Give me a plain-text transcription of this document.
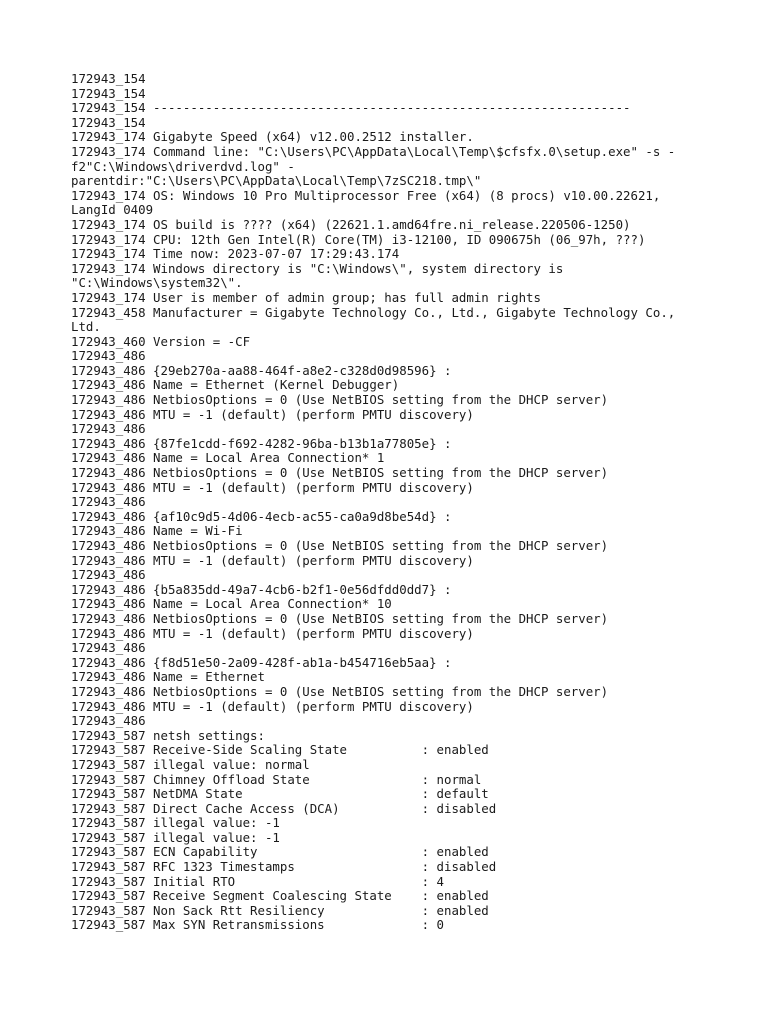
172943_154
172943_154
172943_154 ----------------------------------------------------------------
172943_154
172943_174 Gigabyte Speed (x64) v12.00.2512 installer.
172943_174 Command line: "C:\Users\PC\AppData\Local\Temp\$cfsfx.0\setup.exe" -s -f2"C:\Windows\driverdvd.log" -parentdir:"C:\Users\PC\AppData\Local\Temp\7zSC218.tmp\"
172943_174 OS: Windows 10 Pro Multiprocessor Free (x64) (8 procs) v10.00.22621, LangId 0409
172943_174 OS build is ???? (x64) (22621.1.amd64fre.ni_release.220506-1250)
172943_174 CPU: 12th Gen Intel(R) Core(TM) i3-12100, ID 090675h (06_97h, ???)
172943_174 Time now: 2023-07-07 17:29:43.174
172943_174 Windows directory is "C:\Windows\", system directory is "C:\Windows\system32\".
172943_174 User is member of admin group; has full admin rights
172943_458 Manufacturer = Gigabyte Technology Co., Ltd., Gigabyte Technology Co., Ltd.
172943_460 Version = -CF
172943_486
172943_486 {29eb270a-aa88-464f-a8e2-c328d0d98596} :
172943_486 Name = Ethernet (Kernel Debugger)
172943_486 NetbiosOptions = 0 (Use NetBIOS setting from the DHCP server)
172943_486 MTU = -1 (default) (perform PMTU discovery)
172943_486
172943_486 {87fe1cdd-f692-4282-96ba-b13b1a77805e} :
172943_486 Name = Local Area Connection* 1
172943_486 NetbiosOptions = 0 (Use NetBIOS setting from the DHCP server)
172943_486 MTU = -1 (default) (perform PMTU discovery)
172943_486
172943_486 {af10c9d5-4d06-4ecb-ac55-ca0a9d8be54d} :
172943_486 Name = Wi-Fi
172943_486 NetbiosOptions = 0 (Use NetBIOS setting from the DHCP server)
172943_486 MTU = -1 (default) (perform PMTU discovery)
172943_486
172943_486 {b5a835dd-49a7-4cb6-b2f1-0e56dfdd0dd7} :
172943_486 Name = Local Area Connection* 10
172943_486 NetbiosOptions = 0 (Use NetBIOS setting from the DHCP server)
172943_486 MTU = -1 (default) (perform PMTU discovery)
172943_486
172943_486 {f8d51e50-2a09-428f-ab1a-b454716eb5aa} :
172943_486 Name = Ethernet
172943_486 NetbiosOptions = 0 (Use NetBIOS setting from the DHCP server)
172943_486 MTU = -1 (default) (perform PMTU discovery)
172943_486
172943_587 netsh settings:
172943_587 Receive-Side Scaling State          : enabled
172943_587 illegal value: normal
172943_587 Chimney Offload State               : normal
172943_587 NetDMA State                        : default
172943_587 Direct Cache Access (DCA)           : disabled
172943_587 illegal value: -1
172943_587 illegal value: -1
172943_587 ECN Capability                      : enabled
172943_587 RFC 1323 Timestamps                 : disabled
172943_587 Initial RTO                         : 4
172943_587 Receive Segment Coalescing State    : enabled
172943_587 Non Sack Rtt Resiliency             : enabled
172943_587 Max SYN Retransmissions             : 0
